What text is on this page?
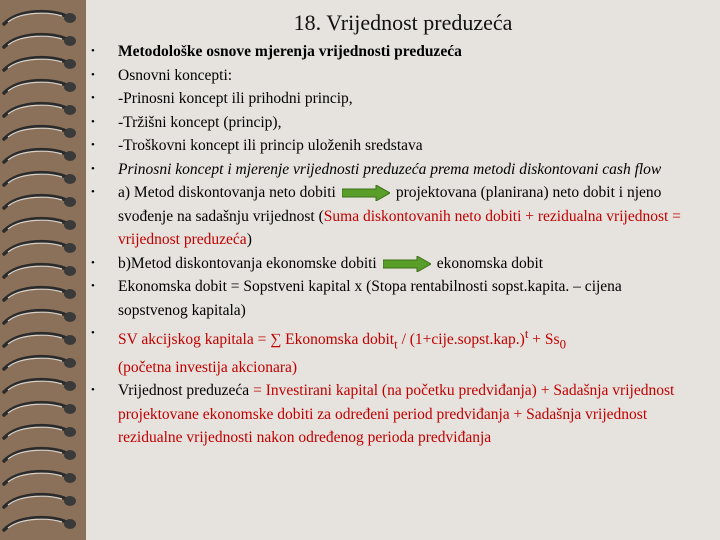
18. Vrijednost preduzeća
• Metodološke osnove mjerenja vrijednosti preduzeća
• Osnovni koncepti:
• -Prinosni koncept ili prihodni princip,
• -Tržišni koncept (princip),
• -Troškovni koncept ili princip uloženih sredstava
• Prinosni koncept i mjerenje vrijednosti preduzeća prema metodi diskontovani cash flow
• a) Metod diskontovanja neto dobiti	projektovana (planirana) neto dobit i njeno svođenje na sadašnju vrijednost (Suma diskontovanih neto dobiti + rezidualna vrijednost = vrijednost preduzeća)
• b)Metod diskontovanja ekonomske dobiti	ekonomska dobit
• Ekonomska dobit = Sopstveni kapital x (Stopa rentabilnosti sopst.kapita. – cijena sopstvenog kapitala)
• SV akcijskog kapitala = ∑ Ekonomska dobit$_t$ / (1+cije.sopst.kap.)$^t$ + $Ss_0$
(početna investija akcionara)
• Vrijednost preduzeća = Investirani kapital (na početku predviđanja) + Sadašnja vrijednost projektovane ekonomske dobiti za određeni period predviđanja + Sadašnja vrijednost rezidualne vrijednosti nakon određenog perioda predviđanja
